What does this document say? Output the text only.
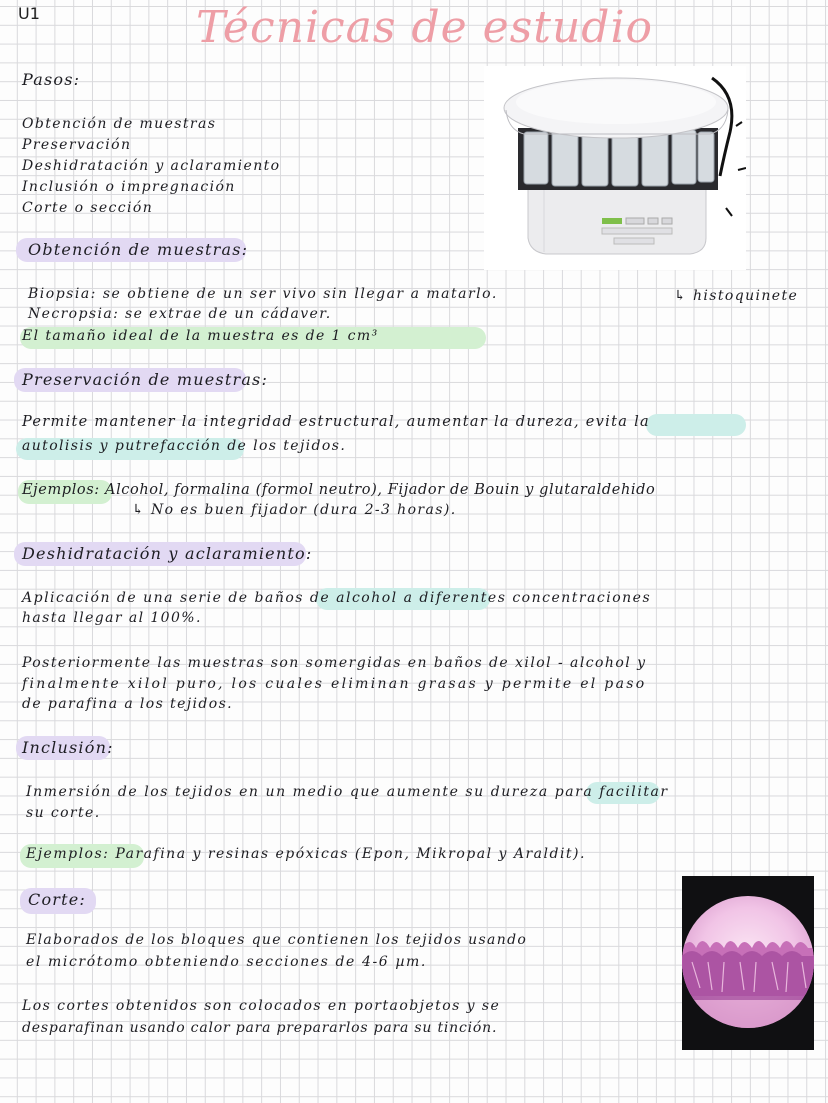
U1	Técnicas de estudio
Pasos:
Obtención de muestras
Preservación
Deshidratación y aclaramiento
Inclusión o impregnación
Corte o sección
↳ histoquinete
Obtención de muestras:
Biopsia: se obtiene de un ser vivo sin llegar a matarlo.
Necropsia: se extrae de un cádaver.
El tamaño ideal de la muestra es de 1 cm³
Preservación de muestras:
Permite mantener la integridad estructural, aumentar la dureza, evita la
autolisis y putrefacción de los tejidos.
Ejemplos: Alcohol, formalina (formol neutro), Fijador de Bouin y glutaraldehido
↳ No es buen fijador (dura 2-3 horas).
Deshidratación y aclaramiento:
Aplicación de una serie de baños de alcohol a diferentes concentraciones
hasta llegar al 100%.
Posteriormente las muestras son somergidas en baños de xilol - alcohol y
finalmente xilol puro, los cuales eliminan grasas y permite el paso
de parafina a los tejidos.
Inclusión:
Inmersión de los tejidos en un medio que aumente su dureza para facilitar
su corte.
Ejemplos: Parafina y resinas epóxicas (Epon, Mikropal y Araldit).
Corte:
Elaborados de los bloques que contienen los tejidos usando
el micrótomo obteniendo secciones de 4-6 µm.
Los cortes obtenidos son colocados en portaobjetos y se
desparafinan usando calor para prepararlos para su tinción.
